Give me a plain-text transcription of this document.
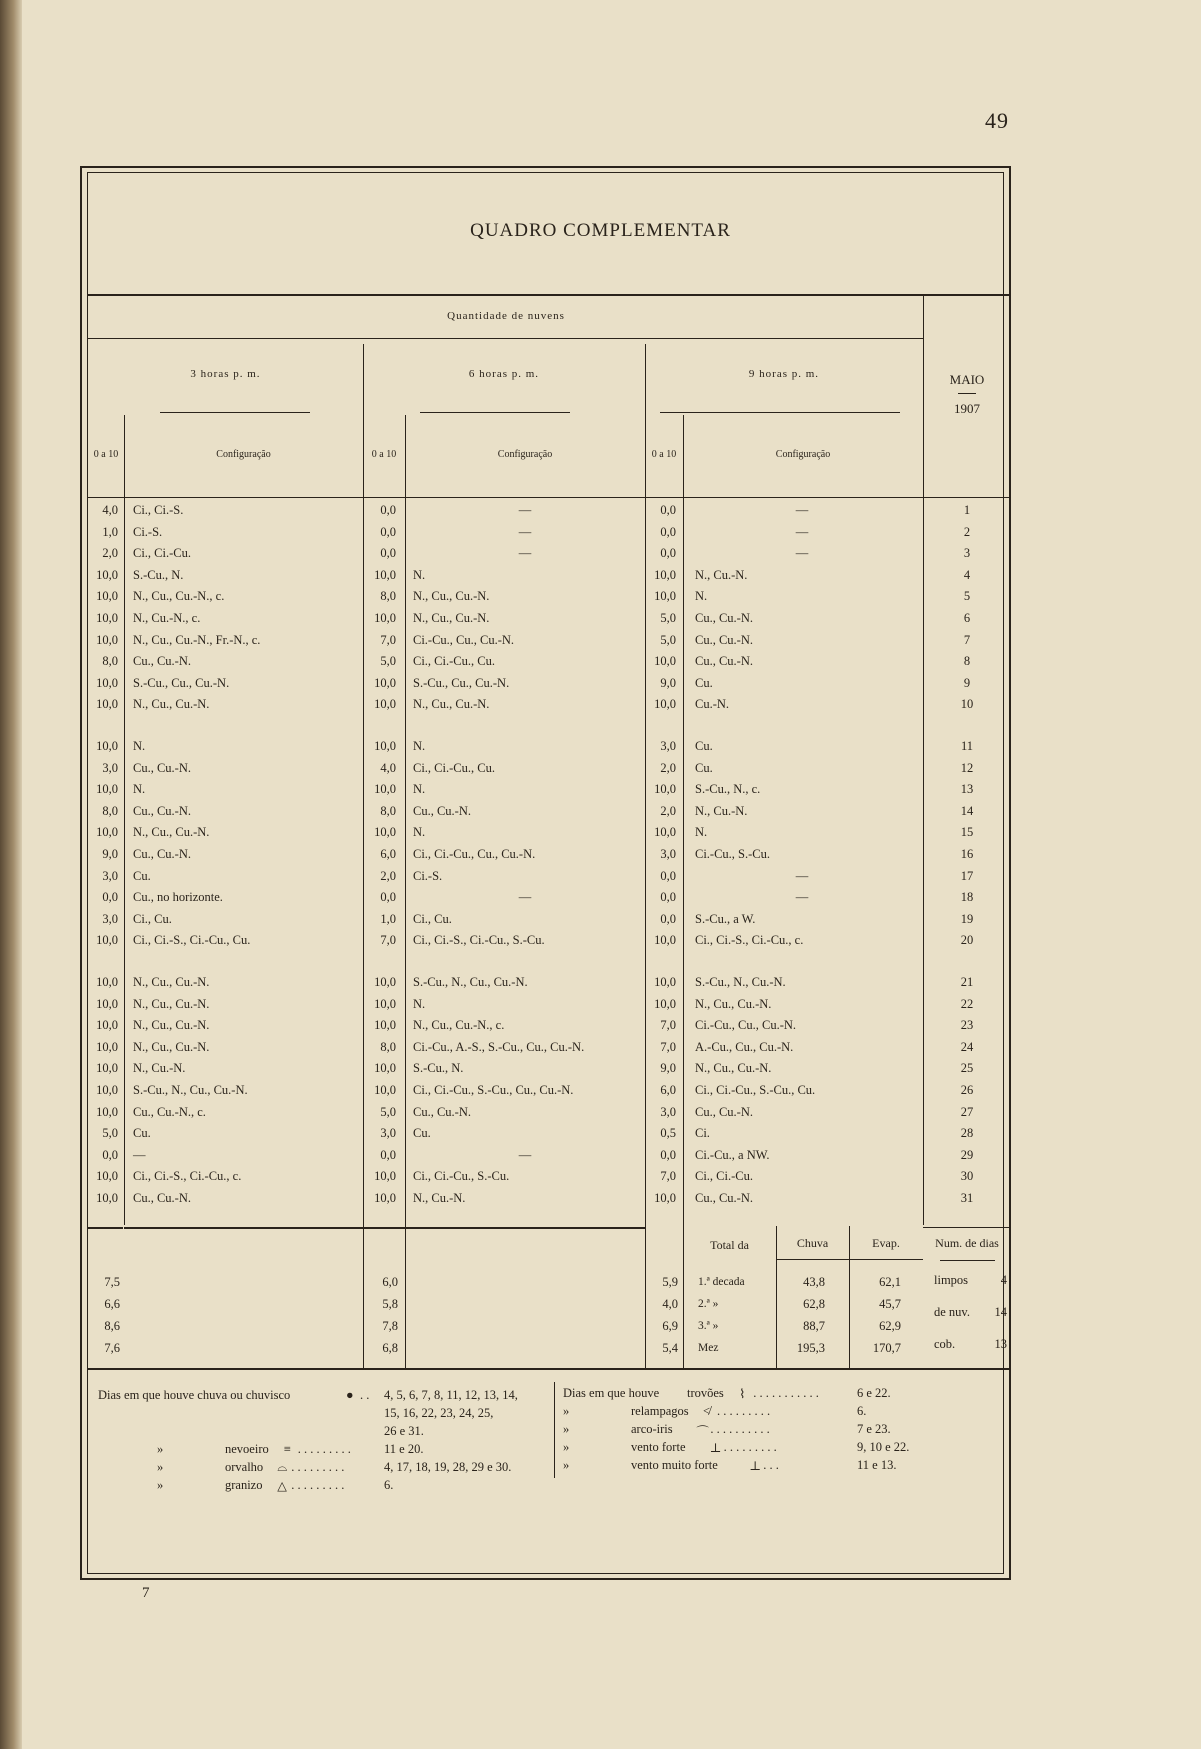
49
QUADRO COMPLEMENTAR
Quantidade de nuvens
MAIO
1907
3 horas p. m.	6 horas p. m.	9 horas p. m.
0 a 10	Configuração	0 a 10	Configuração	0 a 10	Configuração
4,0 Ci., Ci.-S.	0,0	—	0,0	—	1
1,0 Ci.-S.	0,0	—	0,0	—	2
2,0 Ci., Ci.-Cu.	0,0	—	0,0	—	3
10,0 S.-Cu., N.	10,0 N.	10,0 N., Cu.-N.	4
10,0 N., Cu., Cu.-N., c.	8,0 N., Cu., Cu.-N.	10,0 N.	5
10,0 N., Cu.-N., c.	10,0 N., Cu., Cu.-N.	5,0 Cu., Cu.-N.	6
10,0 N., Cu., Cu.-N., Fr.-N., c.	7,0 Ci.-Cu., Cu., Cu.-N.	5,0 Cu., Cu.-N.	7
8,0 Cu., Cu.-N.	5,0 Ci., Ci.-Cu., Cu.	10,0 Cu., Cu.-N.	8
10,0 S.-Cu., Cu., Cu.-N.	10,0 S.-Cu., Cu., Cu.-N.	9,0 Cu.	9
10,0 N., Cu., Cu.-N.	10,0 N., Cu., Cu.-N.	10,0 Cu.-N.	10
10,0 N.	10,0 N.	3,0 Cu.	11
3,0 Cu., Cu.-N.	4,0 Ci., Ci.-Cu., Cu.	2,0 Cu.	12
10,0 N.	10,0 N.	10,0 S.-Cu., N., c.	13
8,0 Cu., Cu.-N.	8,0 Cu., Cu.-N.	2,0 N., Cu.-N.	14
10,0 N., Cu., Cu.-N.	10,0 N.	10,0 N.	15
9,0 Cu., Cu.-N.	6,0 Ci., Ci.-Cu., Cu., Cu.-N.	3,0 Ci.-Cu., S.-Cu.	16
3,0 Cu.	2,0 Ci.-S.	0,0	—	17
0,0 Cu., no horizonte.	0,0	—	0,0	—	18
3,0 Ci., Cu.	1,0 Ci., Cu.	0,0 S.-Cu., a W.	19
10,0 Ci., Ci.-S., Ci.-Cu., Cu.	7,0 Ci., Ci.-S., Ci.-Cu., S.-Cu.	10,0 Ci., Ci.-S., Ci.-Cu., c.	20
10,0 N., Cu., Cu.-N.	10,0 S.-Cu., N., Cu., Cu.-N.	10,0 S.-Cu., N., Cu.-N.	21
10,0 N., Cu., Cu.-N.	10,0 N.	10,0 N., Cu., Cu.-N.	22
10,0 N., Cu., Cu.-N.	10,0 N., Cu., Cu.-N., c.	7,0 Ci.-Cu., Cu., Cu.-N.	23
10,0 N., Cu., Cu.-N.	8,0 Ci.-Cu., A.-S., S.-Cu., Cu., Cu.-N.	7,0 A.-Cu., Cu., Cu.-N.	24
10,0 N., Cu.-N.	10,0 S.-Cu., N.	9,0 N., Cu., Cu.-N.	25
10,0 S.-Cu., N., Cu., Cu.-N.	10,0 Ci., Ci.-Cu., S.-Cu., Cu., Cu.-N.	6,0 Ci., Ci.-Cu., S.-Cu., Cu.	26
10,0 Cu., Cu.-N., c.	5,0 Cu., Cu.-N.	3,0 Cu., Cu.-N.	27
5,0 Cu.	3,0 Cu.	0,5 Ci.	28
0,0 —	0,0	—	0,0 Ci.-Cu., a NW.	29
10,0 Ci., Ci.-S., Ci.-Cu., c.	10,0 Ci., Ci.-Cu., S.-Cu.	7,0 Ci., Ci.-Cu.	30
10,0 Cu., Cu.-N.	10,0 N., Cu.-N.	10,0 Cu., Cu.-N.	31
Total da	Chuva	Evap.	Num. de dias
7,5	6,0	5,9 1.ª decada	43,8	62,1
6,6	5,8	4,0 2.ª »	62,8	45,7
8,6	7,8	6,9 3.ª »	88,7	62,9
7,6	6,8	5,4 Mez	195,3	170,7
limpos	4
de nuv.	14
cob.	13
Dias em que houve chuva ou chuvisco	● . . 4, 5, 6, 7, 8, 11, 12, 13, 14,
15, 16, 22, 23, 24, 25,
26 e 31.
»	nevoeiro ≡ . . . . . . . . .	11 e 20.
»	orvalho ⌓ . . . . . . . . .	4, 17, 18, 19, 28, 29 e 30.
»	granizo △ . . . . . . . . .	6.
Dias em que houve trovões ⌇ . . . . . . . . . . .	6 e 22.
»	relampagos ≮ . . . . . . . . .	6.
»	arco-iris ⌒ . . . . . . . . . .	7 e 23.
»	vento forte ⊥ . . . . . . . . .	9, 10 e 22.
»	vento muito forte	⊥ . . .	11 e 13.
7
